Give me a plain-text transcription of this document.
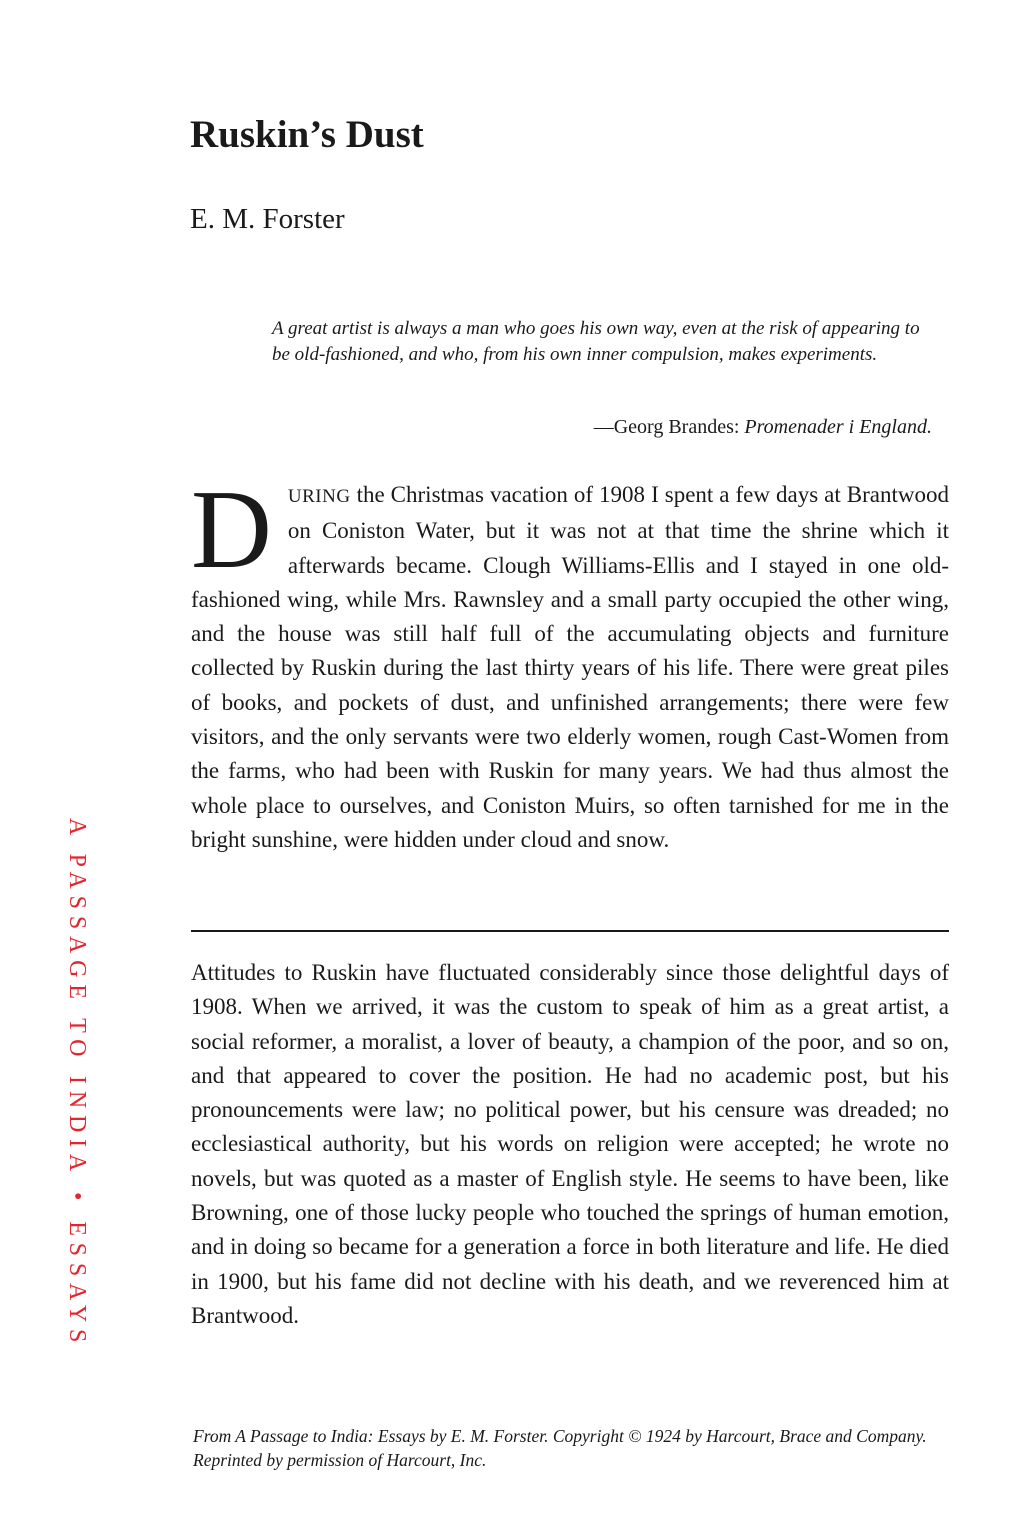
Ruskin’s Dust

E. M. Forster

A great artist is always a man who goes his own way, even at the risk of appearing to be old-fashioned, and who, from his own inner compulsion, makes experiments.

—Georg Brandes: Promenader i England.

DURING the Christmas vacation of 1908 I spent a few days at Brantwood on Coniston Water, but it was not at that time the shrine which it afterwards became. Clough Williams-Ellis and I stayed in one old-fashioned wing, while Mrs. Rawnsley and a small party occupied the other wing, and the house was still half full of the accumulating objects and furniture collected by Ruskin during the last thirty years of his life. There were great piles of books, and pockets of dust, and unfinished arrangements; there were few visitors, and the only servants were two elderly women, rough Cast-Women from the farms, who had been with Ruskin for many years. We had thus almost the whole place to ourselves, and Coniston Muirs, so often tarnished for me in the bright sunshine, were hidden under cloud and snow.

Attitudes to Ruskin have fluctuated considerably since those delightful days of 1908. When we arrived, it was the custom to speak of him as a great artist, a social reformer, a moralist, a lover of beauty, a champion of the poor, and so on, and that appeared to cover the position. He had no academic post, but his pronouncements were law; no political power, but his censure was dreaded; no ecclesiastical authority, but his words on religion were accepted; he wrote no novels, but was quoted as a master of English style. He seems to have been, like Browning, one of those lucky people who touched the springs of human emotion, and in doing so became for a generation a force in both literature and life. He died in 1900, but his fame did not decline with his death, and we reverenced him at Brantwood.

A PASSAGE TO INDIA•ESSAYS

From A Passage to India: Essays by E. M. Forster. Copyright © 1924 by Harcourt, Brace and Company. Reprinted by permission of Harcourt, Inc.
